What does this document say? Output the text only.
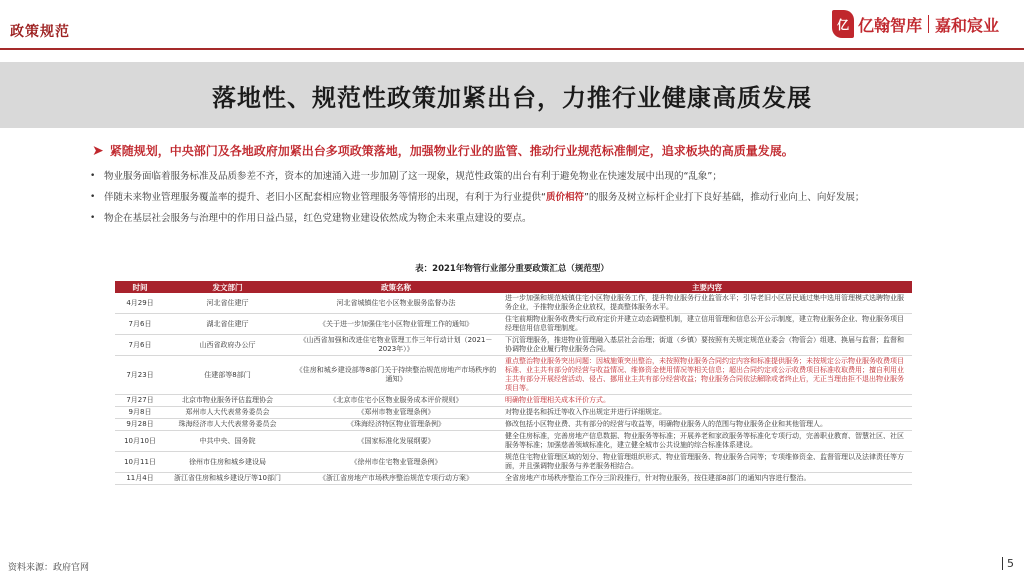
政策规范	亿 亿翰智库 嘉和宸业
落地性、规范性政策加紧出台，力推行业健康高质发展
➤ 紧随规划，中央部门及各地政府加紧出台多项政策落地，加强物业行业的监管、推动行业规范标准制定，追求板块的高质量发展。
• 物业服务面临着服务标准及品质参差不齐，资本的加速涌入进一步加剧了这一现象，规范性政策的出台有利于避免物业在快速发展中出现的“乱象”；
• 伴随未来物业管理服务覆盖率的提升、老旧小区配套相应物业管理服务等情形的出现，有利于为行业提供“质价相符”的服务及树立标杆企业打下良好基础，推动行业向上、向好发展；
• 物企在基层社会服务与治理中的作用日益凸显，红色党建物业建设依然成为物企未来重点建设的要点。
表：2021年物管行业部分重要政策汇总（规范型）
时间	发文部门	政策名称	主要内容
4月29日	河北省住建厅	河北省城镇住宅小区物业服务监督办法	进一步加强和规范城镇住宅小区物业服务工作，提升物业服务行业监管水平；引导老旧小区居民通过集中选用管理模式选聘物业服务企业，予推物业服务企业放权，提高整体服务水平。
7月6日	湖北省住建厅	《关于进一步加强住宅小区物业管理工作的通知》	住宅前期物业服务收费实行政府定价并建立动态调整机制，建立信用管理和信息公开公示制度，建立物业服务企业、物业服务项目经理信用信息管理制度。
7月6日	山西省政府办公厅	《山西省加强和改进住宅物业管理工作三年行动计划（2021－2023年）》	下沉管理服务，推进物业管理融入基层社会治理；街道（乡镇）要按照有关规定规范业委会（物管会）组建、换届与监督；监督和协调物业企业履行物业服务合同。
7月23日	住建部等8部门	《住房和城乡建设部等8部门关于持续整治规范房地产市场秩序的通知》	重点整治物业服务突出问题：因城施策突出整治，未按照物业服务合同约定内容和标准提供服务；未按规定公示物业服务收费项目标准、业主共有部分的经营与收益情况、维修资金使用情况等相关信息；超出合同约定或公示收费项目标准收取费用；擅自利用业主共有部分开展经营活动、侵占、挪用业主共有部分经营收益；物业服务合同依法解除或者终止后，无正当理由拒不退出物业服务项目等。
7月27日	北京市物业服务评估监理协会	《北京市住宅小区物业服务成本评价规则》	明确物业管理相关成本评价方式。
9月8日	郑州市人大代表常务委员会	《郑州市物业管理条例》	对物业提名和拆迁等收入作出规定并进行详细规定。
9月28日	珠海经济市人大代表常务委员会	《珠海经济特区物业管理条例》	修改包括小区物业费、共有部分的经营与收益等，明确物业服务人的范围与物业服务企业和其他管理人。
10月10日	中共中央、国务院	《国家标准化发展纲要》	健全住房标准，完善房地产信息数据、物业服务等标准；开展养老和家政服务等标准化专项行动，完善职业教育、智慧社区、社区服务等标准；加强慈善领域标准化，建立健全城市公共设施的综合标准体系建设。
10月11日	徐州市住房和城乡建设局	《徐州市住宅物业管理条例》	规范住宅物业管理区域的划分、物业管理组织形式、物业管理服务、物业服务合同等；专项维修资金、监督管理以及法律责任等方面，并且强调物业服务与养老服务相结合。
11月4日	浙江省住房和城乡建设厅等10部门	《浙江省房地产市场秩序整治规范专项行动方案》	全省房地产市场秩序整治工作分三阶段推行，针对物业服务，按住建部8部门的通知内容进行整治。
资料来源：政府官网	5
